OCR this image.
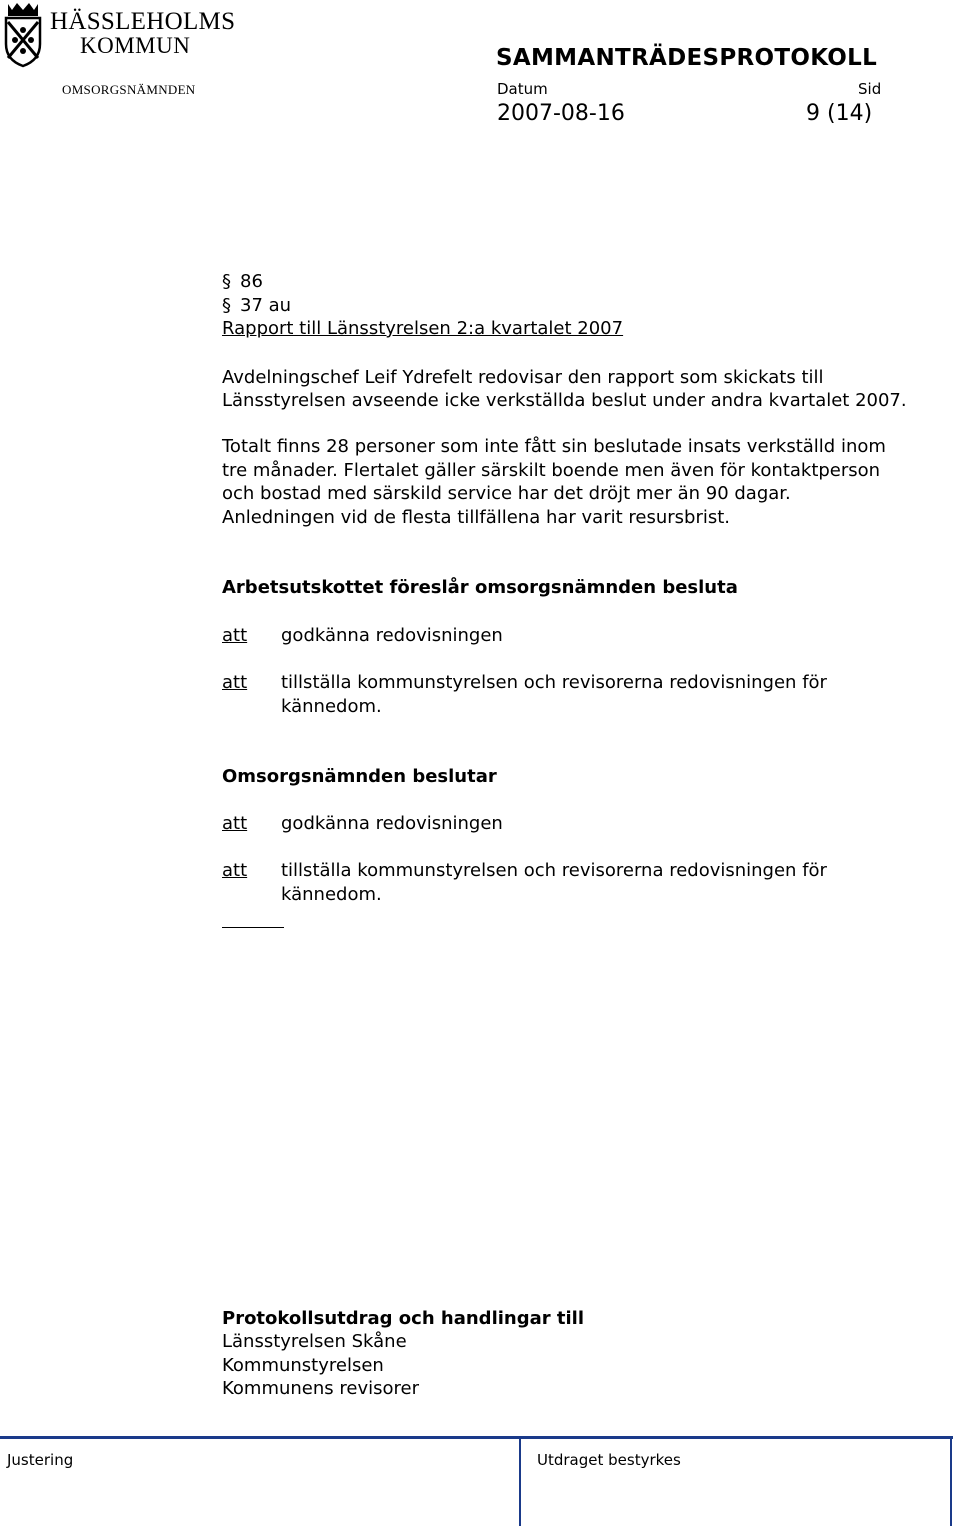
HÄSSLEHOLMS
KOMMUN
OMSORGSNÄMNDEN
SAMMANTRÄDESPROTOKOLL
Datum	Sid
2007-08-16	9 (14)
§ 86
§ 37 au
Rapport till Länsstyrelsen 2:a kvartalet 2007
Avdelningschef Leif Ydrefelt redovisar den rapport som skickats till
Länsstyrelsen avseende icke verkställda beslut under andra kvartalet 2007.
Totalt finns 28 personer som inte fått sin beslutade insats verkställd inom
tre månader. Flertalet gäller särskilt boende men även för kontaktperson
och bostad med särskild service har det dröjt mer än 90 dagar.
Anledningen vid de flesta tillfällena har varit resursbrist.
Arbetsutskottet föreslår omsorgsnämnden besluta
att godkänna redovisningen
att tillställa kommunstyrelsen och revisorerna redovisningen för kännedom.
Omsorgsnämnden beslutar
att godkänna redovisningen
att tillställa kommunstyrelsen och revisorerna redovisningen för kännedom.
Protokollsutdrag och handlingar till
Länsstyrelsen Skåne
Kommunstyrelsen
Kommunens revisorer
Justering	Utdraget bestyrkes
